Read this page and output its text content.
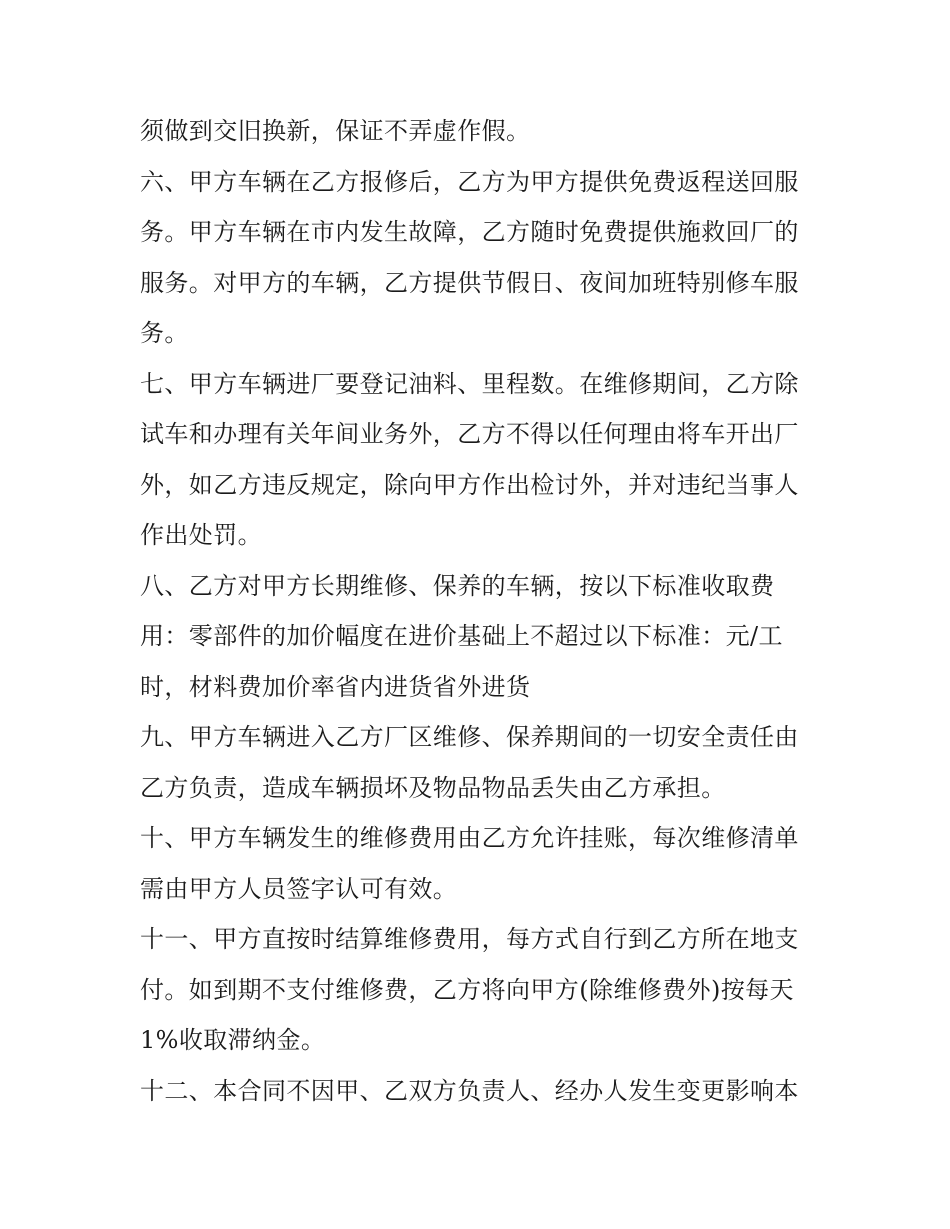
须做到交旧换新，保证不弄虚作假。
六、甲方车辆在乙方报修后，乙方为甲方提供免费返程送回服
务。甲方车辆在市内发生故障，乙方随时免费提供施救回厂的
服务。对甲方的车辆，乙方提供节假日、夜间加班特别修车服
务。
七、甲方车辆进厂要登记油料、里程数。在维修期间，乙方除
试车和办理有关年间业务外，乙方不得以任何理由将车开出厂
外，如乙方违反规定，除向甲方作出检讨外，并对违纪当事人
作出处罚。
八、乙方对甲方长期维修、保养的车辆，按以下标准收取费
用：零部件的加价幅度在进价基础上不超过以下标准：元/工
时，材料费加价率省内进货省外进货
九、甲方车辆进入乙方厂区维修、保养期间的一切安全责任由
乙方负责，造成车辆损坏及物品物品丢失由乙方承担。
十、甲方车辆发生的维修费用由乙方允许挂账，每次维修清单
需由甲方人员签字认可有效。
十一、甲方直按时结算维修费用，每方式自行到乙方所在地支
付。如到期不支付维修费，乙方将向甲方(除维修费外)按每天
1%收取滞纳金。
十二、本合同不因甲、乙双方负责人、经办人发生变更影响本
